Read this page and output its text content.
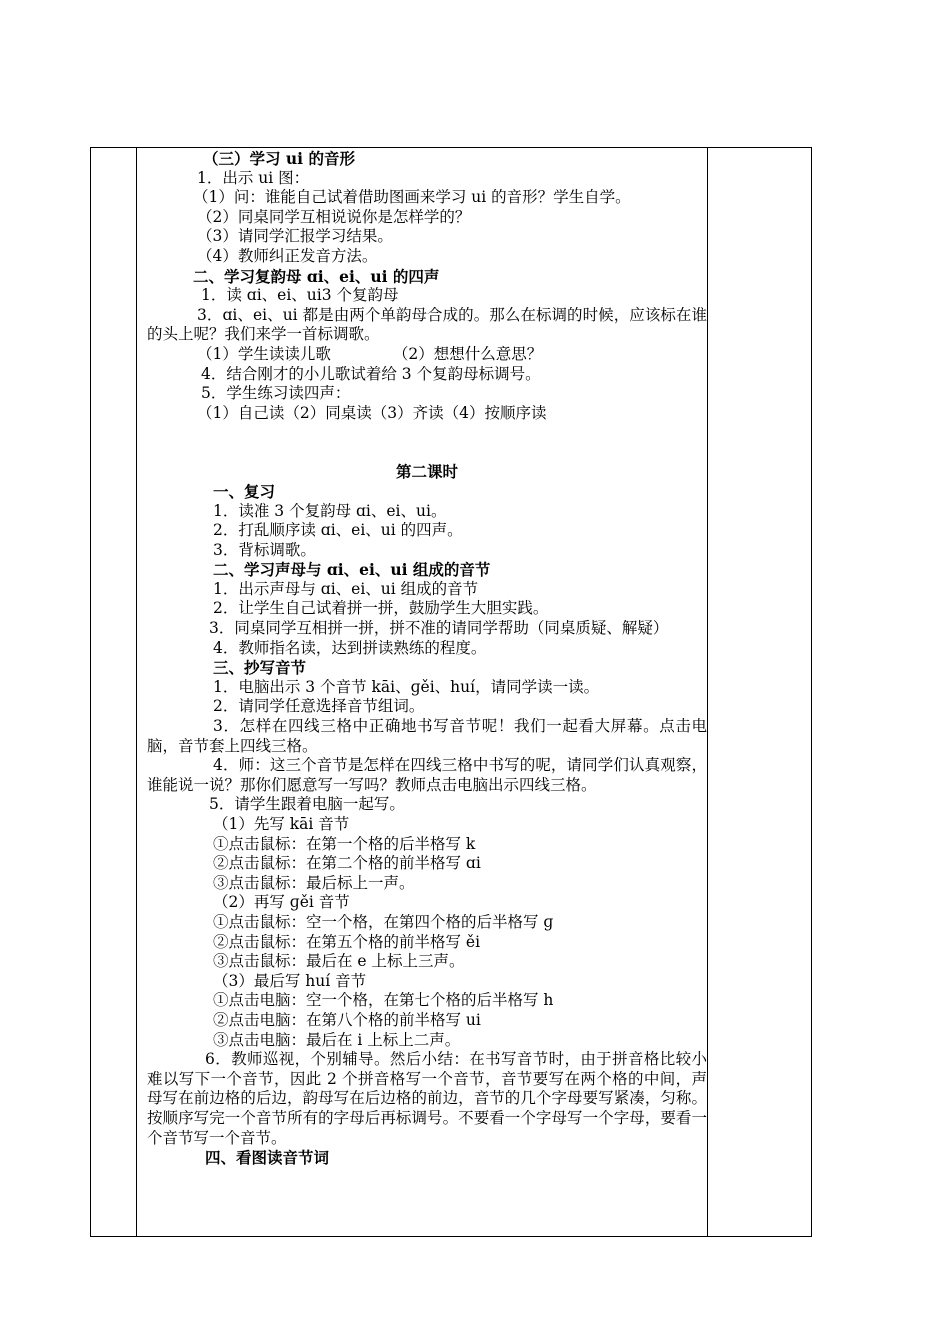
（三）学习 ui 的音形
1．出示 ui 图：
（1）问：谁能自己试着借助图画来学习 ui 的音形？学生自学。
（2）同桌同学互相说说你是怎样学的？
（3）请同学汇报学习结果。
（4）教师纠正发音方法。
二、学习复韵母 ɑi、ei、ui 的四声
1．读 ɑi、ei、ui3 个复韵母
3．ɑi、ei、ui 都是由两个单韵母合成的。那么在标调的时候，应该标在谁的头上呢？我们来学一首标调歌。
（1）学生读读儿歌	（2）想想什么意思？
4．结合刚才的小儿歌试着给 3 个复韵母标调号。
5．学生练习读四声：
（1）自己读（2）同桌读（3）齐读（4）按顺序读
第二课时
一、复习
1．读准 3 个复韵母 ɑi、ei、ui。
2．打乱顺序读 ɑi、ei、ui 的四声。
3．背标调歌。
二、学习声母与 ɑi、ei、ui 组成的音节
1．出示声母与 ɑi、ei、ui 组成的音节
2．让学生自己试着拼一拼，鼓励学生大胆实践。
3．同桌同学互相拼一拼，拼不准的请同学帮助（同桌质疑、解疑）
4．教师指名读，达到拼读熟练的程度。
三、抄写音节
1．电脑出示 3 个音节 kāi、ɡěi、huí，请同学读一读。
2．请同学任意选择音节组词。
3．怎样在四线三格中正确地书写音节呢！我们一起看大屏幕。点击电脑，音节套上四线三格。
4．师：这三个音节是怎样在四线三格中书写的呢，请同学们认真观察，谁能说一说？那你们愿意写一写吗？教师点击电脑出示四线三格。
5．请学生跟着电脑一起写。
（1）先写 kāi 音节
①点击鼠标：在第一个格的后半格写 k
②点击鼠标：在第二个格的前半格写 ɑi
③点击鼠标：最后标上一声。
（2）再写 ɡěi 音节
①点击鼠标：空一个格，在第四个格的后半格写 ɡ
②点击鼠标：在第五个格的前半格写 ěi
③点击鼠标：最后在 e 上标上三声。
（3）最后写 huí 音节
①点击电脑：空一个格，在第七个格的后半格写 h
②点击电脑：在第八个格的前半格写 ui
③点击电脑：最后在 i 上标上二声。
6．教师巡视，个别辅导。然后小结：在书写音节时，由于拼音格比较小难以写下一个音节，因此 2 个拼音格写一个音节，音节要写在两个格的中间，声母写在前边格的后边，韵母写在后边格的前边，音节的几个字母要写紧凑，匀称。按顺序写完一个音节所有的字母后再标调号。不要看一个字母写一个字母，要看一个音节写一个音节。
四、看图读音节词
